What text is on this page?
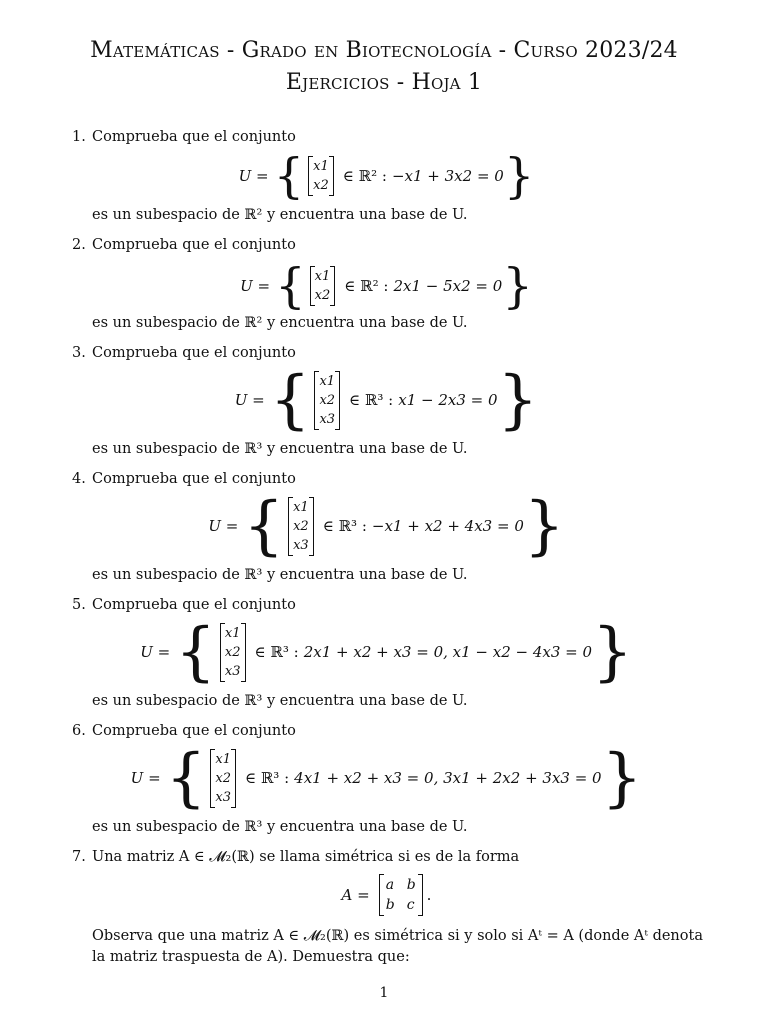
Matemáticas - Grado en Biotecnología - Curso 2023/24
Ejercicios - Hoja 1
1. Comprueba que el conjunto
U = { x1
x2
∈ ℝ² : −x1 + 3x2 = 0 }
es un subespacio de ℝ² y encuentra una base de U.
2. Comprueba que el conjunto
U = { x1
x2
∈ ℝ² : 2x1 − 5x2 = 0 }
es un subespacio de ℝ² y encuentra una base de U.
3. Comprueba que el conjunto
U = { x1
x2
x3
∈ ℝ³ : x1 − 2x3 = 0 }
es un subespacio de ℝ³ y encuentra una base de U.
4. Comprueba que el conjunto
U = { x1
x2
x3
∈ ℝ³ : −x1 + x2 + 4x3 = 0 }
es un subespacio de ℝ³ y encuentra una base de U.
5. Comprueba que el conjunto
U = { x1
x2
x3
∈ ℝ³ : 2x1 + x2 + x3 = 0, x1 − x2 − 4x3 = 0 }
es un subespacio de ℝ³ y encuentra una base de U.
6. Comprueba que el conjunto
U = { x1
x2
x3
∈ ℝ³ : 4x1 + x2 + x3 = 0, 3x1 + 2x2 + 3x3 = 0 }
es un subespacio de ℝ³ y encuentra una base de U.
7. Una matriz A ∈ 𝓜₂(ℝ) se llama simétrica si es de la forma
A =
a b
b c
.
Observa que una matriz A ∈ 𝓜₂(ℝ) es simétrica si y solo si Aᵗ = A (donde Aᵗ denota la matriz traspuesta de A). Demuestra que:
1
